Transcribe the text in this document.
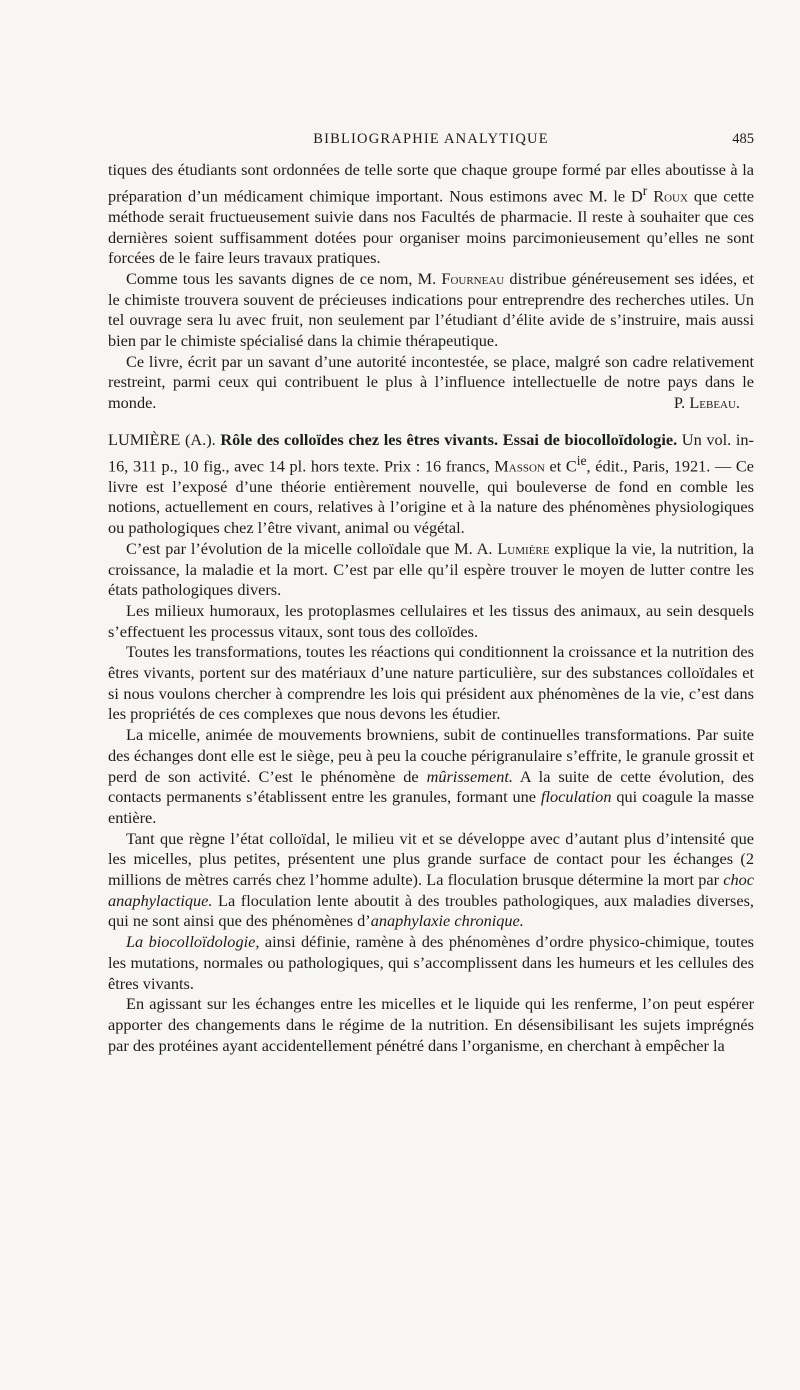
BIBLIOGRAPHIE ANALYTIQUE	485

tiques des étudiants sont ordonnées de telle sorte que chaque groupe formé par elles aboutisse à la préparation d’un médicament chimique important. Nous estimons avec M. le $D^r$ Roux que cette méthode serait fructueusement suivie dans nos Facultés de pharmacie. Il reste à souhaiter que ces dernières soient suffisamment dotées pour organiser moins parcimonieusement qu’elles ne sont forcées de le faire leurs travaux pratiques.

Comme tous les savants dignes de ce nom, M. Fourneau distribue généreusement ses idées, et le chimiste trouvera souvent de précieuses indications pour entreprendre des recherches utiles. Un tel ouvrage sera lu avec fruit, non seulement par l’étudiant d’élite avide de s’instruire, mais aussi bien par le chimiste spécialisé dans la chimie thérapeutique.

Ce livre, écrit par un savant d’une autorité incontestée, se place, malgré son cadre relativement restreint, parmi ceux qui contribuent le plus à l’influence intellectuelle de notre pays dans le monde.	P. Lebeau.

LUMIÈRE (A.). Rôle des colloïdes chez les êtres vivants. Essai de biocolloïdologie. Un vol. in-16, 311 p., 10 fig., avec 14 pl. hors texte. Prix : 16 francs, Masson et $C^{ie}$, édit., Paris, 1921. — Ce livre est l’exposé d’une théorie entièrement nouvelle, qui bouleverse de fond en comble les notions, actuellement en cours, relatives à l’origine et à la nature des phénomènes physiologiques ou pathologiques chez l’être vivant, animal ou végétal.

C’est par l’évolution de la micelle colloïdale que M. A. Lumière explique la vie, la nutrition, la croissance, la maladie et la mort. C’est par elle qu’il espère trouver le moyen de lutter contre les états pathologiques divers.

Les milieux humoraux, les protoplasmes cellulaires et les tissus des animaux, au sein desquels s’effectuent les processus vitaux, sont tous des colloïdes.

Toutes les transformations, toutes les réactions qui conditionnent la croissance et la nutrition des êtres vivants, portent sur des matériaux d’une nature particulière, sur des substances colloïdales et si nous voulons chercher à comprendre les lois qui président aux phénomènes de la vie, c’est dans les propriétés de ces complexes que nous devons les étudier.

La micelle, animée de mouvements browniens, subit de continuelles transformations. Par suite des échanges dont elle est le siège, peu à peu la couche périgranulaire s’effrite, le granule grossit et perd de son activité. C’est le phénomène de mûrissement. A la suite de cette évolution, des contacts permanents s’établissent entre les granules, formant une floculation qui coagule la masse entière.

Tant que règne l’état colloïdal, le milieu vit et se développe avec d’autant plus d’intensité que les micelles, plus petites, présentent une plus grande surface de contact pour les échanges (2 millions de mètres carrés chez l’homme adulte). La floculation brusque détermine la mort par choc anaphylactique. La floculation lente aboutit à des troubles pathologiques, aux maladies diverses, qui ne sont ainsi que des phénomènes d’anaphylaxie chronique.

La biocolloïdologie, ainsi définie, ramène à des phénomènes d’ordre physico-chimique, toutes les mutations, normales ou pathologiques, qui s’accomplissent dans les humeurs et les cellules des êtres vivants.

En agissant sur les échanges entre les micelles et le liquide qui les renferme, l’on peut espérer apporter des changements dans le régime de la nutrition. En désensibilisant les sujets imprégnés par des protéines ayant accidentellement pénétré dans l’organisme, en cherchant à empêcher la
